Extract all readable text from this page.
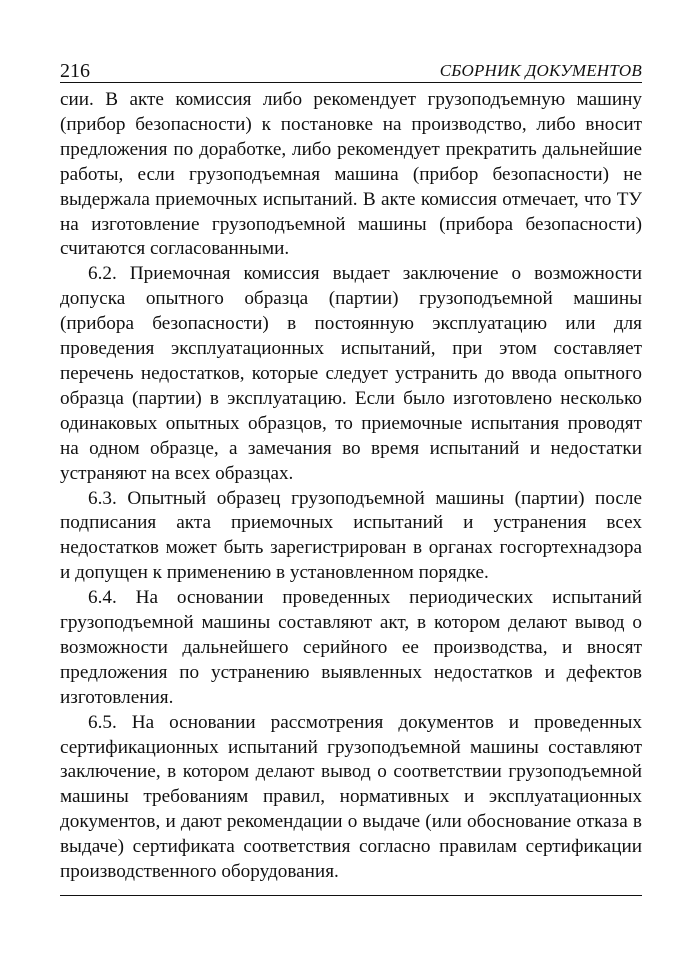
216	СБОРНИК ДОКУМЕНТОВ

сии. В акте комиссия либо рекомендует грузоподъемную машину (прибор безопасности) к постановке на производство, либо вносит предложения по доработке, либо рекомендует прекратить дальнейшие работы, если грузоподъемная машина (прибор безопасности) не выдержала приемочных испытаний. В акте комиссия отмечает, что ТУ на изготовление грузоподъемной машины (прибора безопасности) считаются согласованными.

6.2. Приемочная комиссия выдает заключение о возможности допуска опытного образца (партии) грузоподъемной машины (прибора безопасности) в постоянную эксплуатацию или для проведения эксплуатационных испытаний, при этом составляет перечень недостатков, которые следует устранить до ввода опытного образца (партии) в эксплуатацию. Если было изготовлено несколько одинаковых опытных образцов, то приемочные испытания проводят на одном образце, а замечания во время испытаний и недостатки устраняют на всех образцах.

6.3. Опытный образец грузоподъемной машины (партии) после подписания акта приемочных испытаний и устранения всех недостатков может быть зарегистрирован в органах госгортехнадзора и допущен к применению в установленном порядке.

6.4. На основании проведенных периодических испытаний грузоподъемной машины составляют акт, в котором делают вывод о возможности дальнейшего серийного ее производства, и вносят предложения по устранению выявленных недостатков и дефектов изготовления.

6.5. На основании рассмотрения документов и проведенных сертификационных испытаний грузоподъемной машины составляют заключение, в котором делают вывод о соответствии грузоподъемной машины требованиям правил, нормативных и эксплуатационных документов, и дают рекомендации о выдаче (или обоснование отказа в выдаче) сертификата соответствия согласно правилам сертификации производственного оборудования.
